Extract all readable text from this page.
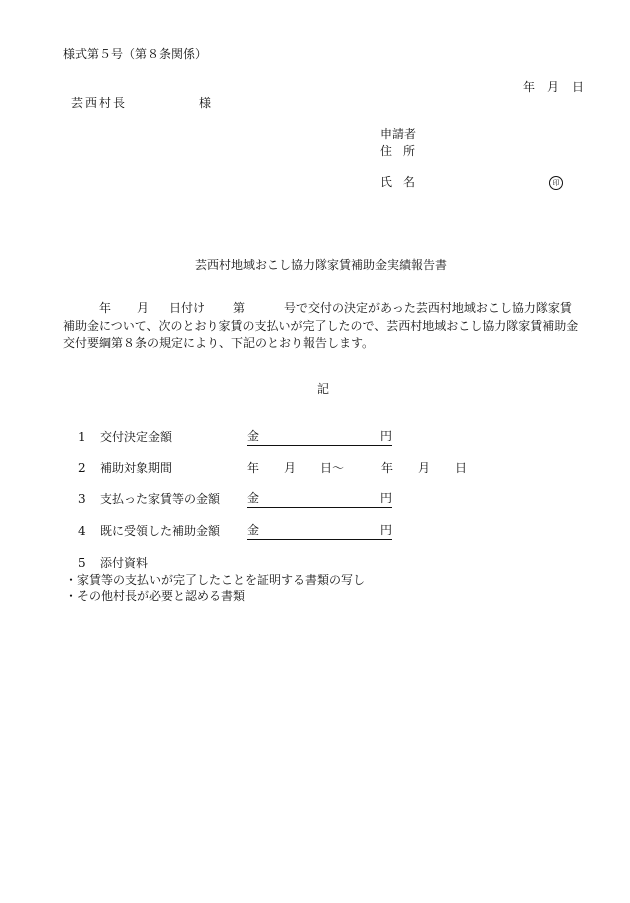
様式第５号（第８条関係）
年 月 日
芸西村長	様
申請者
住所
氏名	印
芸西村地域おこし協力隊家賃補助金実績報告書
年 月 日付け 第	号で交付の決定があった芸西村地域おこし協力隊家賃
補助金について、次のとおり家賃の支払いが完了したので、芸西村地域おこし協力隊家賃補助金
交付要綱第８条の規定により、下記のとおり報告します。
記
1 交付決定金額	金	円
2 補助対象期間	年 月 日～	年 月 日
3 支払った家賃等の金額 金	円
4 既に受領した補助金額 金	円
5 添付資料
・家賃等の支払いが完了したことを証明する書類の写し
・その他村長が必要と認める書類
